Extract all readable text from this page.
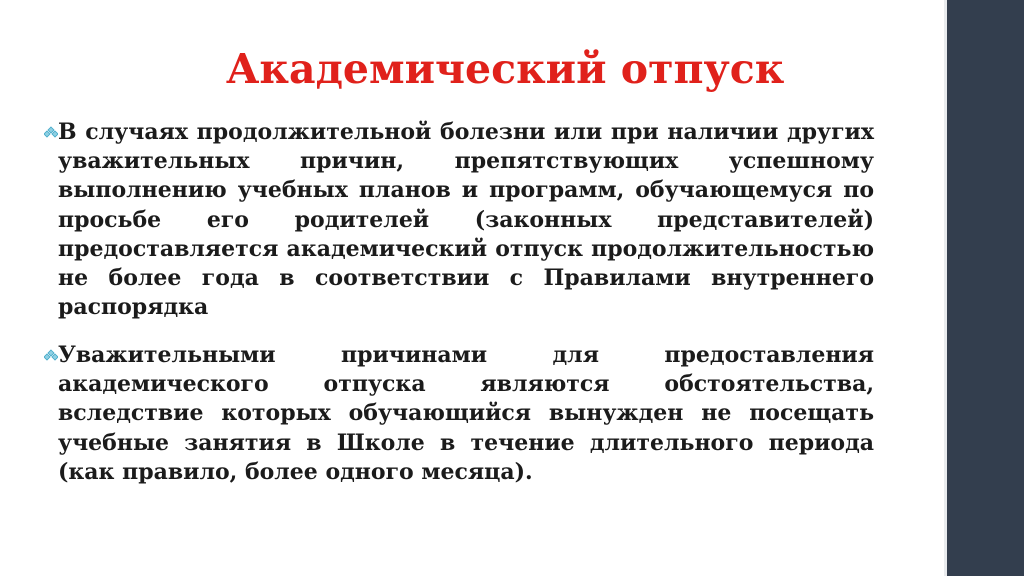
Академический отпуск

В случаях продолжительной болезни или при наличии других уважительных причин, препятствующих успешному выполнению учебных планов и программ, обучающемуся по просьбе его родителей (законных представителей) предоставляется академический отпуск продолжительностью не более года в соответствии с Правилами внутреннего распорядка

Уважительными причинами для предоставления академического отпуска являются обстоятельства, вследствие которых обучающийся вынужден не посещать учебные занятия в Школе в течение длительного периода (как правило, более одного месяца).
